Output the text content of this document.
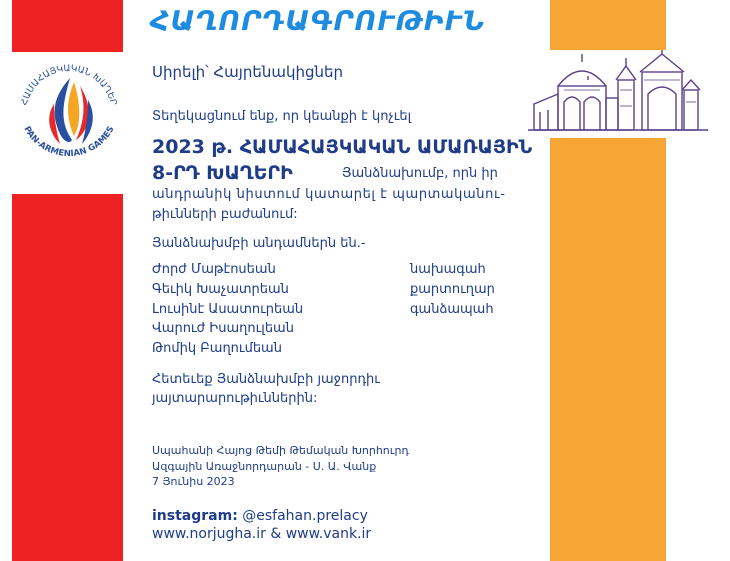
ՀԱՄԱՀԱՅԿԱԿԱՆ ԽԱՂԵՐ
PAN-ARMENIAN GAMES
ՀԱՂՈՐԴԱԳՐՈՒԹԻՒՆ
Սիրելի՝ Հայրենակիցներ
Տեղեկացնում ենք, որ կեանքի է կոչւել
2023 թ. ՀԱՄԱՀԱՅԿԱԿԱՆ ԱՄԱՌԱՅԻՆ
8-ՐԴ ԽԱՂԵՐԻ	Յանձնախումբ, որն իր
անդրանիկ նիստում կատարել է պարտականու-
թիւնների բաժանում:
Յանձնախմբի անդամներն են.-
Ժորժ Մաթէոսեան	նախագահ
Գեւիկ Խաչատրեան	քարտուղար
Լուսինէ Ասատուրեան	գանձապահ
Վարուժ Իսաղուլեան
Թոմիկ Բաղումեան
Հետեւեք Յանձնախմբի յաջորդիւ
յայտարարութիւններին:
Սպահանի Հայոց Թեմի Թեմական Խորհուրդ
Ազգային Առաջնորդարան - Ս. Ա. Վանք
7 Յունիս 2023
instagram: @esfahan.prelacy
www.norjugha.ir & www.vank.ir
